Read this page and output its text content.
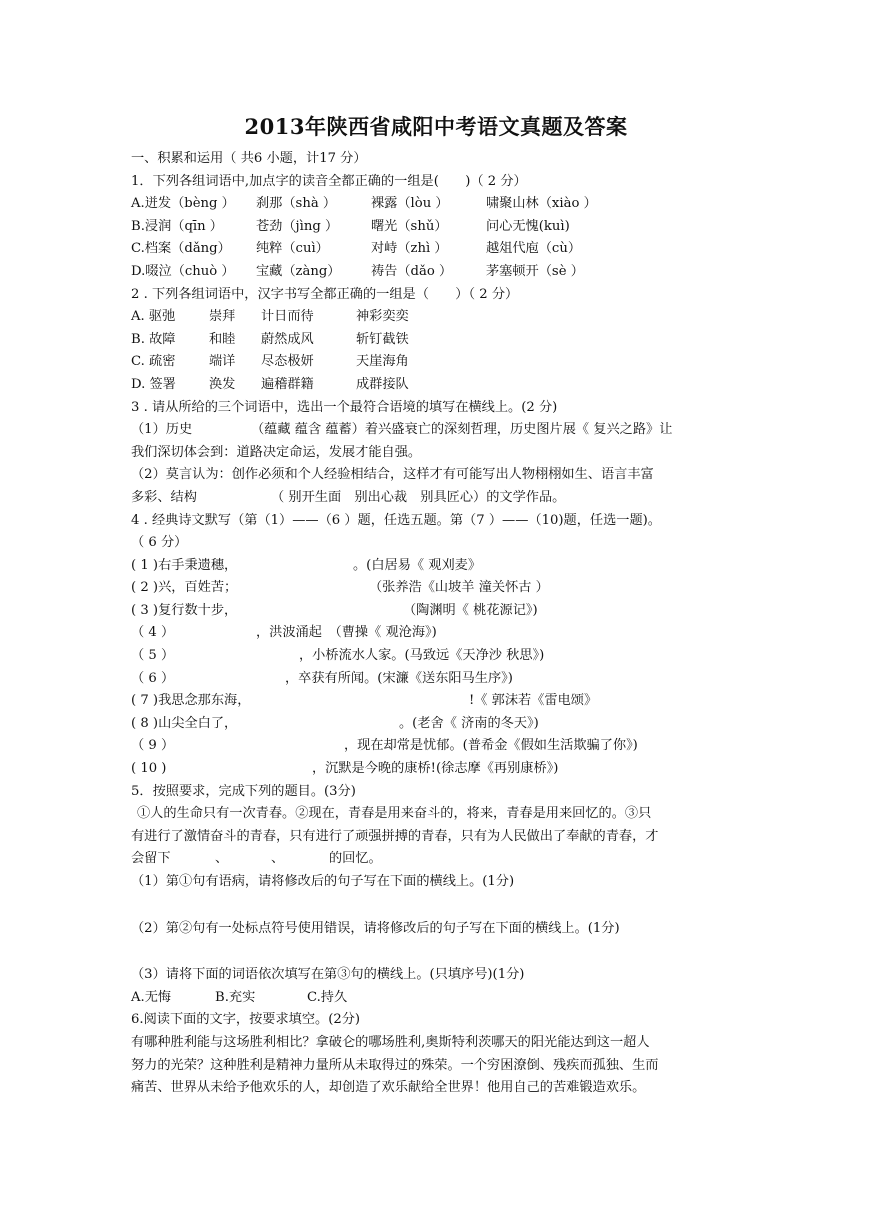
2013年陕西省咸阳中考语文真题及答案
一、积累和运用（ 共6 小题，计17 分）
1．下列各组词语中,加点字的读音全都正确的一组是(　　)（ 2 分）
A.迸发（bèng ） 刹那（shà ）	裸露（lòu ）	啸聚山林（xiào ）
B.浸润（qīn ）	苍劲（jìng ） 曙光（shǔ）	问心无愧(kuì)
C.档案（dǎng） 纯粹（cuì）	对峙（zhì ）	越俎代庖（cù）
D.啜泣（chuò ） 宝藏（zàng） 祷告（dǎo ）	茅塞顿开（sè ）
2 . 下列各组词语中，汉字书写全都正确的一组是（　　）（ 2 分）
A. 驱弛	崇拜 计日而待	神彩奕奕
B. 故障	和睦 蔚然成风	斩钉截铁
C. 疏密	端详 尽态极妍	天崖海角
D. 签署	涣发 遍稽群籍	成群接队
3 . 请从所给的三个词语中，选出一个最符合语境的填写在横线上。(2 分)
（1）历史	（蕴藏 蕴含 蕴蓄）着兴盛衰亡的深刻哲理，历史图片展《 复兴之路》让
我们深切体会到：道路决定命运，发展才能自强。
（2）莫言认为：创作必须和个人经验相结合，这样才有可能写出人物栩栩如生、语言丰富
多彩、结构	（ 别开生面　别出心裁　别具匠心）的文学作品。
4 . 经典诗文默写（第（1）——（6 ）题，任选五题。第（7 ）——（10)题，任选一题)。
（ 6 分）
( 1 )右手秉遗穗，	。(白居易《 观刈麦》
( 2 )兴，百姓苦；	（张养浩《山坡羊 潼关怀古 ）
( 3 )复行数十步，	（陶渊明《 桃花源记》)
（ 4 ）	，洪波涌起　（曹操《 观沧海》)
（ 5 ）	，小桥流水人家。(马致远《天净沙 秋思》)
（ 6 ）	，卒获有所闻。(宋濂《送东阳马生序》)
( 7 )我思念那东海，	!《 郭沫若《雷电颂》
( 8 )山尖全白了，	。(老舍《 济南的冬天》)
（ 9 ）	，现在却常是忧郁。(普希金《假如生活欺骗了你》)
( 10 )	，沉默是今晚的康桥!(徐志摩《再别康桥》)
5．按照要求，完成下列的题目。(3分)
①人的生命只有一次青春。②现在，青春是用来奋斗的，将来，青春是用来回忆的。③只
有进行了激情奋斗的青春，只有进行了顽强拼搏的青春，只有为人民做出了奉献的青春，才
会留下	、	、	的回忆。
（1）第①句有语病，请将修改后的句子写在下面的横线上。(1分)
（2）第②句有一处标点符号使用错误，请将修改后的句子写在下面的横线上。(1分)
（3）请将下面的词语依次填写在第③句的横线上。(只填序号)(1分)
A.无悔	B.充实	C.持久
6.阅读下面的文字，按要求填空。(2分)
有哪种胜利能与这场胜利相比？拿破仑的哪场胜利,奥斯特利茨哪天的阳光能达到这一超人
努力的光荣？这种胜利是精神力量所从未取得过的殊荣。一个穷困潦倒、残疾而孤独、生而
痛苦、世界从未给予他欢乐的人，却创造了欢乐献给全世界！他用自己的苦难锻造欢乐。
